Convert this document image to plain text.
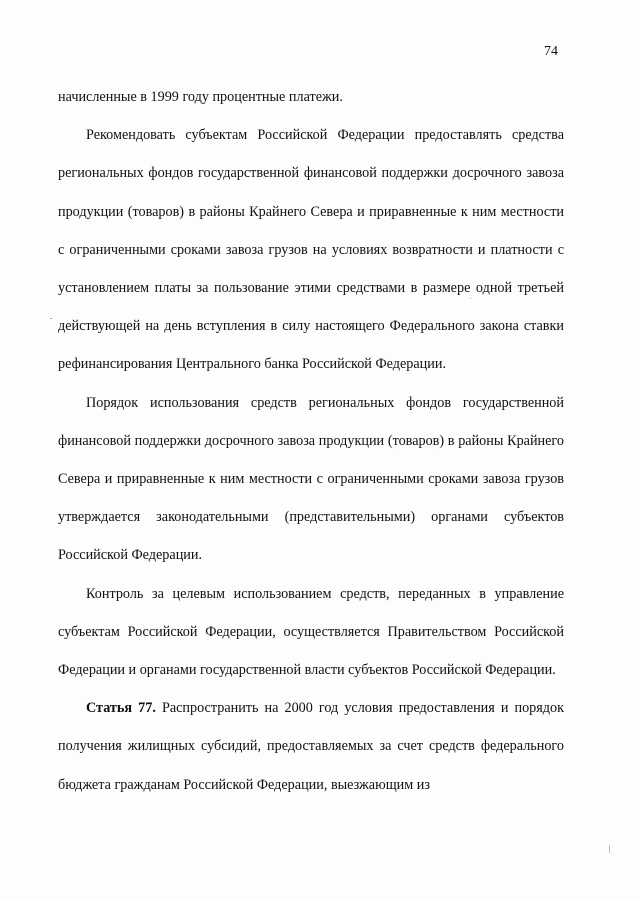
74

начисленные в 1999 году процентные платежи.

Рекомендовать субъектам Российской Федерации предоставлять средства региональных фондов государственной финансовой поддержки досрочного завоза продукции (товаров) в районы Крайнего Севера и приравненные к ним местности с ограниченными сроками завоза грузов на условиях возвратности и платности с установлением платы за пользование этими средствами в размере одной третьей действующей на день вступления в силу настоящего Федерального закона ставки рефинансирования Центрального банка Российской Федерации.

Порядок использования средств региональных фондов государственной финансовой поддержки досрочного завоза продукции (товаров) в районы Крайнего Севера и приравненные к ним местности с ограниченными сроками завоза грузов утверждается законодательными (представительными) органами субъектов Российской Федерации.

Контроль за целевым использованием средств, переданных в управление субъектам Российской Федерации, осуществляется Правительством Российской Федерации и органами государственной власти субъектов Российской Федерации.

Статья 77. Распространить на 2000 год условия предоставления и порядок получения жилищных субсидий, предоставляемых за счет средств федерального бюджета гражданам Российской Федерации, выезжающим из
